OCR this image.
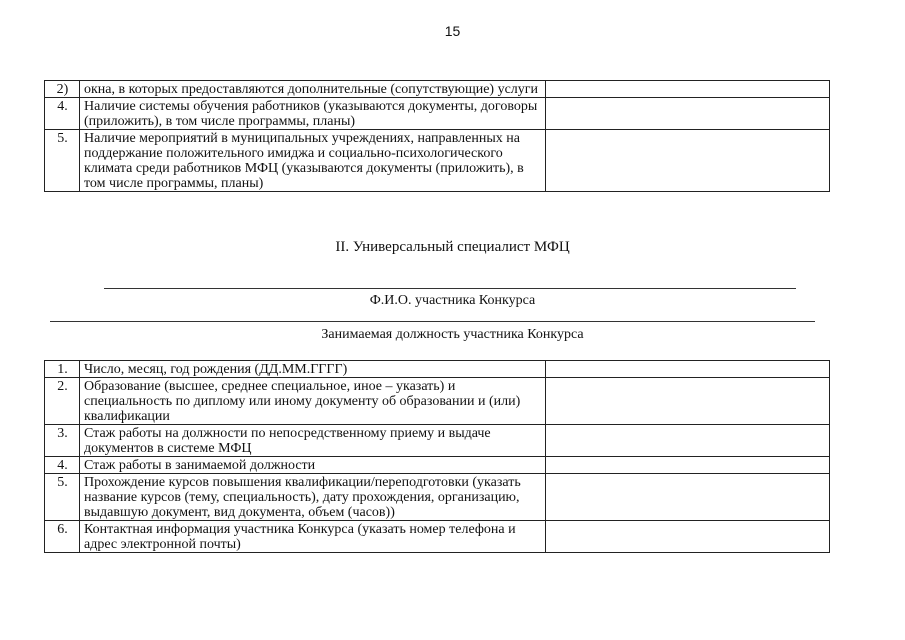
15
2)	окна, в которых предоставляются дополнительные (сопутствующие) услуги	
4.	Наличие системы обучения работников (указываются документы, договоры (приложить), в том числе программы, планы)	
5.	Наличие мероприятий в муниципальных учреждениях, направленных на поддержание положительного имиджа и социально-психологического климата среди работников МФЦ (указываются документы (приложить), в том числе программы, планы)	
II. Универсальный специалист МФЦ
Ф.И.О. участника Конкурса
Занимаемая должность участника Конкурса
1.	Число, месяц, год рождения (ДД.ММ.ГГГГ)	
2.	Образование (высшее, среднее специальное, иное – указать) и специальность по диплому или иному документу об образовании и (или) квалификации	
3.	Стаж работы на должности по непосредственному приему и выдаче документов в системе МФЦ	
4.	Стаж работы в занимаемой должности	
5.	Прохождение курсов повышения квалификации/переподготовки (указать название курсов (тему, специальность), дату прохождения, организацию, выдавшую документ, вид документа, объем (часов))	
6.	Контактная информация участника Конкурса (указать номер телефона и адрес электронной почты)	
